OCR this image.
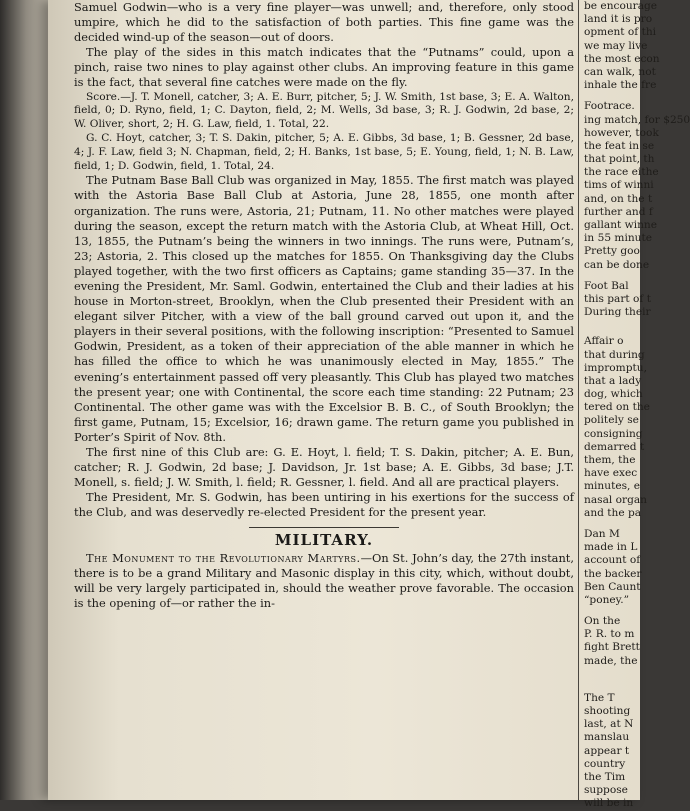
Samuel Godwin—who is a very fine player—was unwell; and, therefore, only stood umpire, which he did to the satisfaction of both parties. This fine game was the decided wind-up of the season—out of doors.

The play of the sides in this match indicates that the “Putnams” could, upon a pinch, raise two nines to play against other clubs. An improving feature in this game is the fact, that several fine catches were made on the fly.

Score.—J. T. Monell, catcher, 3; A. E. Burr, pitcher, 5; J. W. Smith, 1st base, 3; E. A. Walton, field, 0; D. Ryno, field, 1; C. Dayton, field, 2; M. Wells, 3d base, 3; R. J. Godwin, 2d base, 2; W. Oliver, short, 2; H. G. Law, field, 1. Total, 22.

G. C. Hoyt, catcher, 3; T. S. Dakin, pitcher, 5; A. E. Gibbs, 3d base, 1; B. Gessner, 2d base, 4; J. F. Law, field 3; N. Chapman, field, 2; H. Banks, 1st base, 5; E. Young, field, 1; N. B. Law, field, 1; D. Godwin, field, 1. Total, 24.

The Putnam Base Ball Club was organized in May, 1855. The first match was played with the Astoria Base Ball Club at Astoria, June 28, 1855, one month after organization. The runs were, Astoria, 21; Putnam, 11. No other matches were played during the season, except the return match with the Astoria Club, at Wheat Hill, Oct. 13, 1855, the Putnam’s being the winners in two innings. The runs were, Putnam’s, 23; Astoria, 2. This closed up the matches for 1855. On Thanksgiving day the Clubs played together, with the two first officers as Captains; game standing 35—37. In the evening the President, Mr. Saml. Godwin, entertained the Club and their ladies at his house in Morton-street, Brooklyn, when the Club presented their President with an elegant silver Pitcher, with a view of the ball ground carved out upon it, and the players in their several positions, with the following inscription: “Presented to Samuel Godwin, President, as a token of their appreciation of the able manner in which he has filled the office to which he was unanimously elected in May, 1855.” The evening’s entertainment passed off very pleasantly. This Club has played two matches the present year; one with Continental, the score each time standing: 22 Putnam; 23 Continental. The other game was with the Excelsior B. B. C., of South Brooklyn; the first game, Putnam, 15; Excelsior, 16; drawn game. The return game you published in Porter’s Spirit of Nov. 8th.

The first nine of this Club are: G. E. Hoyt, l. field; T. S. Dakin, pitcher; A. E. Bun, catcher; R. J. Godwin, 2d base; J. Davidson, Jr. 1st base; A. E. Gibbs, 3d base; J.T. Monell, s. field; J. W. Smith, l. field; R. Gessner, l. field. And all are practical players.

The President, Mr. S. Godwin, has been untiring in his exertions for the success of the Club, and was deservedly re-elected President for the present year.

MILITARY.

The Monument to the Revolutionary Martyrs.—On St. John’s day, the 27th instant, there is to be a grand Military and Masonic display in this city, which, without doubt, will be very largely participated in, should the weather prove favorable. The occasion is the opening of—or rather the in-

be encourage
land it is pro
opment of thi
we may live
the most econ
can walk, not
inhale the fre
Footrace.
ing match, for $250
however, took
the feat in se
that point, th
the race eithe
tims of winni
and, on the t
further and f
gallant winne
in 55 minute
Pretty goo
can be done
Foot Bal
this part of t
During their
Affair o
that during
impromptu,
that a lady
dog, which
tered on the
politely se
consigning
demarred t
them, the
have exec
minutes, e
nasal organ
and the pa
Dan M
made in L
account of
the backer
Ben Caunt
“poney.”
On the
P. R. to m
fight Brett
made, the
The T
shooting
last, at N
manslau
appear t
country
the Tim
suppose
will be in
